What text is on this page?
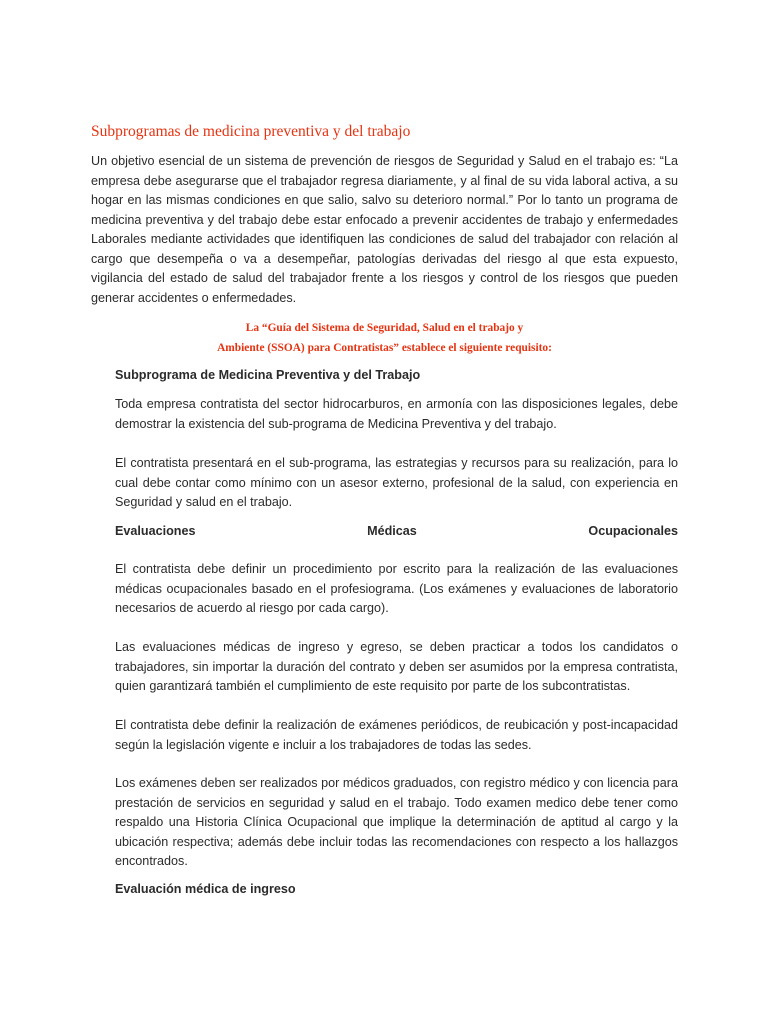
Subprogramas de medicina preventiva y del trabajo

Un objetivo esencial de un sistema de prevención de riesgos de Seguridad y Salud en el trabajo es: “La empresa debe asegurarse que el trabajador regresa diariamente, y al final de su vida laboral activa, a su hogar en las mismas condiciones en que salio, salvo su deterioro normal.” Por lo tanto un programa de medicina preventiva y del trabajo debe estar enfocado a prevenir accidentes de trabajo y enfermedades Laborales mediante actividades que identifiquen las condiciones de salud del trabajador con relación al cargo que desempeña o va a desempeñar, patologías derivadas del riesgo al que esta expuesto, vigilancia del estado de salud del trabajador frente a los riesgos y control de los riesgos que pueden generar accidentes o enfermedades.

La “Guía del Sistema de Seguridad, Salud en el trabajo y
Ambiente (SSOA) para Contratistas” establece el siguiente requisito:

Subprograma de Medicina Preventiva y del Trabajo

Toda empresa contratista del sector hidrocarburos, en armonía con las disposiciones legales, debe demostrar la existencia del sub-programa de Medicina Preventiva y del trabajo.

El contratista presentará en el sub-programa, las estrategias y recursos para su realización, para lo cual debe contar como mínimo con un asesor externo, profesional de la salud, con experiencia en Seguridad y salud en el trabajo.

Evaluaciones	Médicas	Ocupacionales

El contratista debe definir un procedimiento por escrito para la realización de las evaluaciones médicas ocupacionales basado en el profesiograma. (Los exámenes y evaluaciones de laboratorio necesarios de acuerdo al riesgo por cada cargo).

Las evaluaciones médicas de ingreso y egreso, se deben practicar a todos los candidatos o trabajadores, sin importar la duración del contrato y deben ser asumidos por la empresa contratista, quien garantizará también el cumplimiento de este requisito por parte de los subcontratistas.

El contratista debe definir la realización de exámenes periódicos, de reubicación y post-incapacidad según la legislación vigente e incluir a los trabajadores de todas las sedes.

Los exámenes deben ser realizados por médicos graduados, con registro médico y con licencia para prestación de servicios en seguridad y salud en el trabajo. Todo examen medico debe tener como respaldo una Historia Clínica Ocupacional que implique la determinación de aptitud al cargo y la ubicación respectiva; además debe incluir todas las recomendaciones con respecto a los hallazgos encontrados.

Evaluación médica de ingreso
